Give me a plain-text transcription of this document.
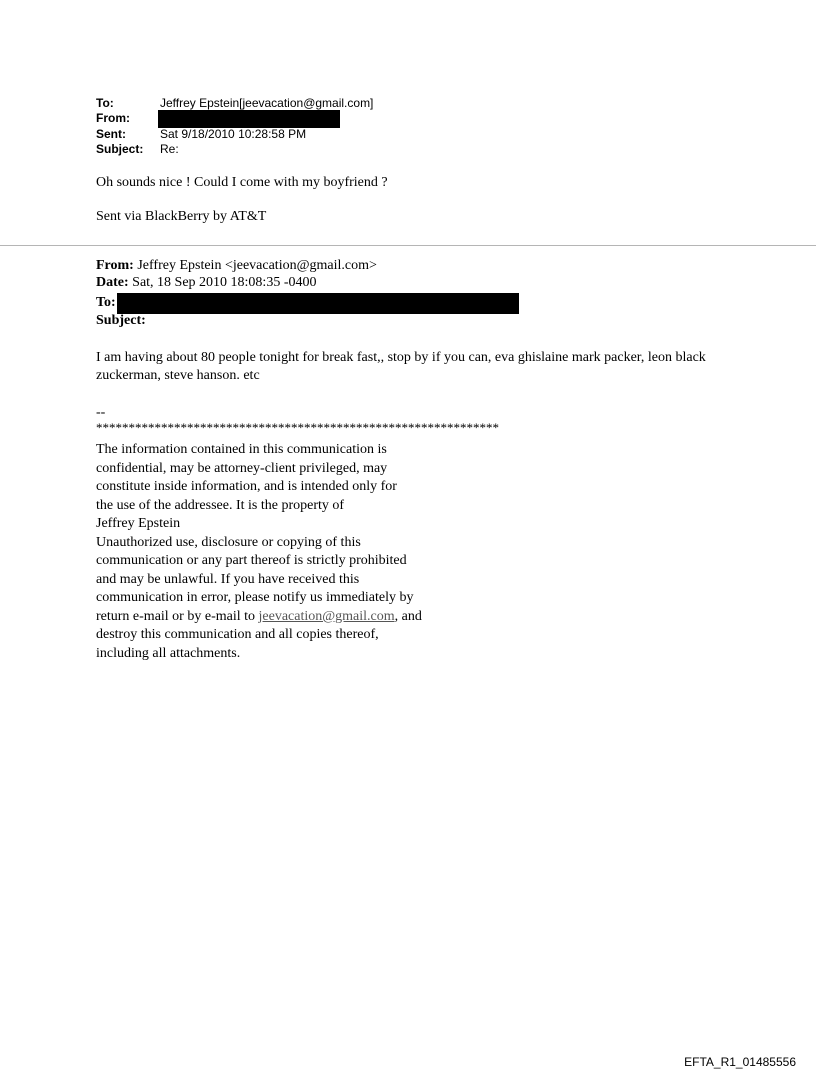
To:	Jeffrey Epstein[jeevacation@gmail.com]
From:
Sent:	Sat 9/18/2010 10:28:58 PM
Subject: Re:
Oh sounds nice ! Could I come with my boyfriend ?
Sent via BlackBerry by AT&T
From: Jeffrey Epstein <jeevacation@gmail.com>
Date: Sat, 18 Sep 2010 18:08:35 -0400
To:
Subject:
I am having about 80 people tonight for break fast,, stop by if you can, eva ghislaine mark packer, leon black zuckerman, steve hanson. etc
--
**************************************************************
The information contained in this communication is
confidential, may be attorney-client privileged, may
constitute inside information, and is intended only for
the use of the addressee. It is the property of
Jeffrey Epstein
Unauthorized use, disclosure or copying of this
communication or any part thereof is strictly prohibited
and may be unlawful. If you have received this
communication in error, please notify us immediately by
return e-mail or by e-mail to jeevacation@gmail.com, and
destroy this communication and all copies thereof,
including all attachments.
EFTA_R1_01485556
